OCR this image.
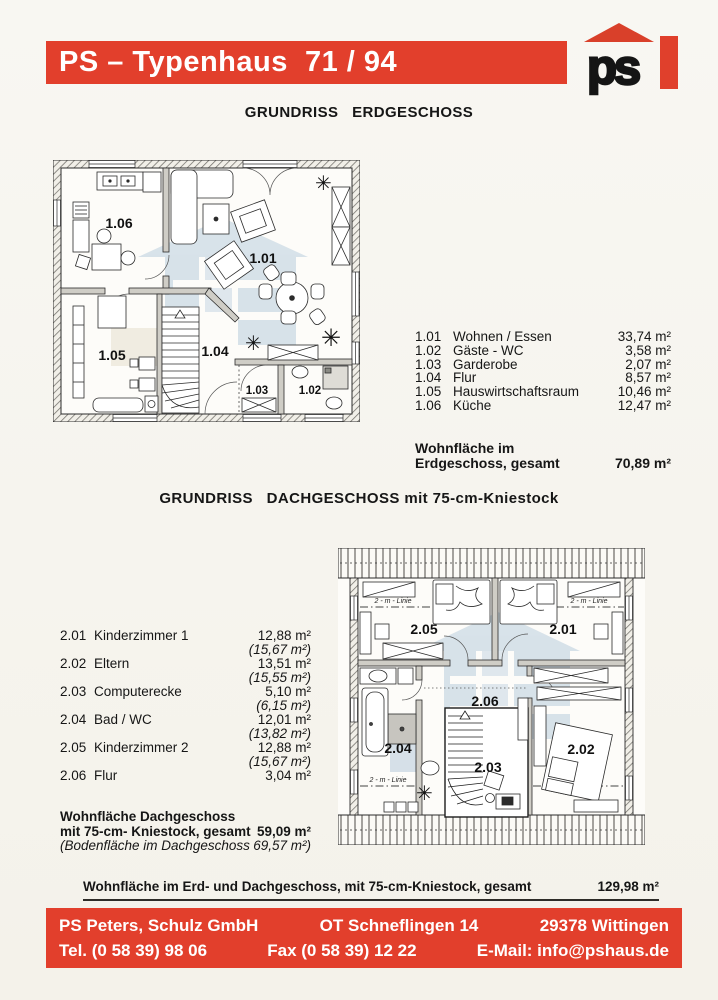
PS – Typenhaus  71 / 94	ps
GRUNDRISS   ERDGESCHOSS
✳
✳ ✳
1.06
1.01
1.05	1.04
1.03	1.02
1.01 Wohnen / Essen	33,74 m²
1.02 Gäste - WC	3,58 m²
1.03 Garderobe	2,07 m²
1.04 Flur	8,57 m²
1.05 Hauswirtschaftsraum	10,46 m²
1.06 Küche	12,47 m²
Wohnfläche im
Erdgeschoss, gesamt	70,89 m²
GRUNDRISS   DACHGESCHOSS mit 75-cm-Kniestock
2 - m - Linie	2 - m - Linie
2 - m - Linie
✳
2.05	2.01
2.06
2.04
2.03
2.02
2.01 Kinderzimmer 1	12,88 m²
(15,67 m²)
2.02 Eltern	13,51 m²
(15,55 m²)
2.03 Computerecke	5,10 m²
(6,15 m²)
2.04 Bad / WC	12,01 m²
(13,82 m²)
2.05 Kinderzimmer 2	12,88 m²
(15,67 m²)
2.06 Flur	3,04 m²
Wohnfläche Dachgeschoss
mit 75-cm- Kniestock, gesamt 59,09 m²
(Bodenfläche im Dachgeschoss 69,57 m²)
Wohnfläche im Erd- und Dachgeschoss, mit 75-cm-Kniestock, gesamt	129,98 m²
PS Peters, Schulz GmbH	OT Schneflingen 14	29378 Wittingen
Tel. (0 58 39) 98 06	Fax (0 58 39) 12 22	E-Mail: info@pshaus.de
